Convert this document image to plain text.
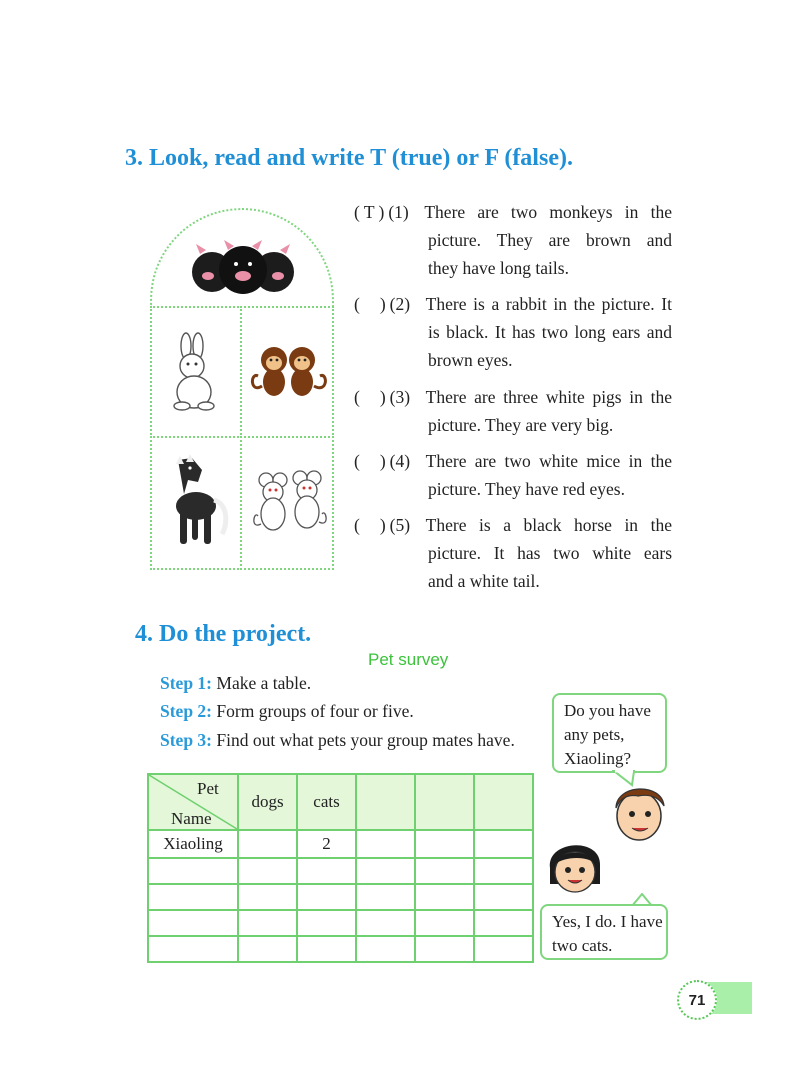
3. Look, read and write T (true) or F (false).
( T ) (1) There are two monkeys in the
picture. They are brown and
they have long tails.
( ) (2) There is a rabbit in the picture. It
is black. It has two long ears and
brown eyes.
( ) (3) There are three white pigs in the
picture. They are very big.
( ) (4) There are two white mice in the
picture. They have red eyes.
( ) (5) There is a black horse in the
picture. It has two white ears
and a white tail.
4. Do the project.
Pet survey
Step 1: Make a table.
Step 2: Form groups of four or five.
Step 3: Find out what pets your group mates have.
Pet
Name	dogs	cats			
Xiaoling		2			

Do you have
any pets,
Xiaoling?
Yes, I do. I have
two cats.
71
